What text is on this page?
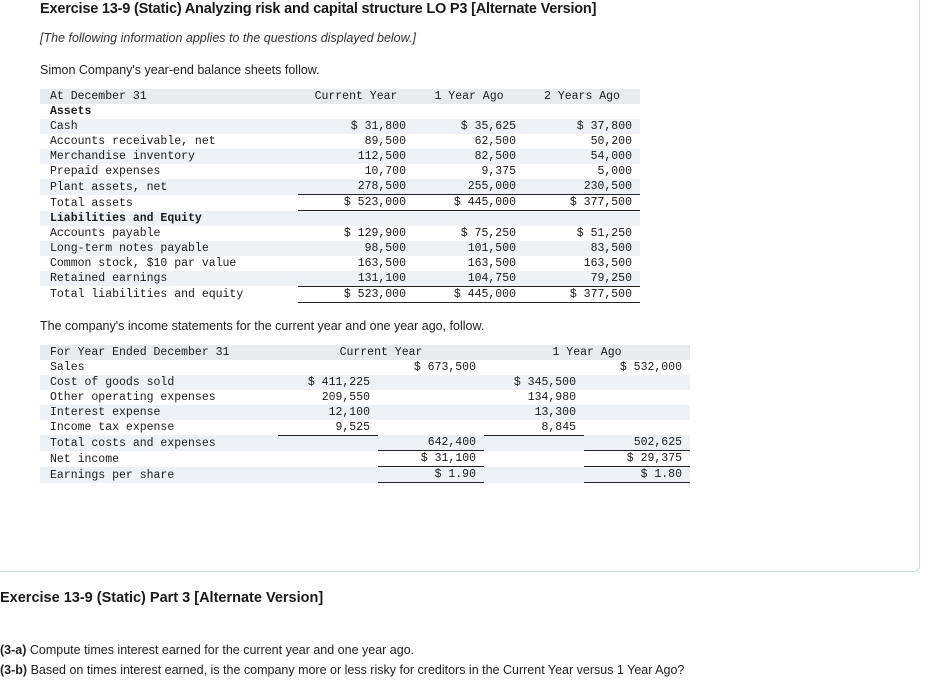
Exercise 13-9 (Static) Analyzing risk and capital structure LO P3 [Alternate Version]
[The following information applies to the questions displayed below.]
Simon Company's year-end balance sheets follow.
At December 31	Current Year	1 Year Ago	2 Years Ago
Assets			
Cash	$ 31,800	$ 35,625	$ 37,800
Accounts receivable, net	89,500	62,500	50,200
Merchandise inventory	112,500	82,500	54,000
Prepaid expenses	10,700	9,375	5,000
Plant assets, net	278,500	255,000	230,500
Total assets	$ 523,000	$ 445,000	$ 377,500
Liabilities and Equity			
Accounts payable	$ 129,900	$ 75,250	$ 51,250
Long-term notes payable	98,500	101,500	83,500
Common stock, $10 par value	163,500	163,500	163,500
Retained earnings	131,100	104,750	79,250
Total liabilities and equity	$ 523,000	$ 445,000	$ 377,500
The company's income statements for the current year and one year ago, follow.
For Year Ended December 31	Current Year		1 Year Ago	
Sales		$ 673,500		$ 532,000
Cost of goods sold	$ 411,225		$ 345,500	
Other operating expenses	209,550		134,980	
Interest expense	12,100		13,300	
Income tax expense	9,525		8,845	
Total costs and expenses		642,400		502,625
Net income		$ 31,100		$ 29,375
Earnings per share		$ 1.90		$ 1.80
Exercise 13-9 (Static) Part 3 [Alternate Version]
(3-a) Compute times interest earned for the current year and one year ago.
(3-b) Based on times interest earned, is the company more or less risky for creditors in the Current Year versus 1 Year Ago?
